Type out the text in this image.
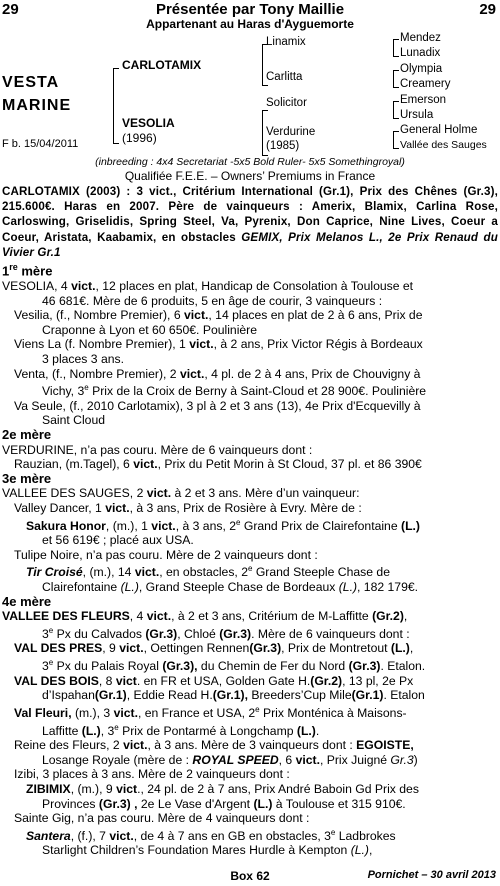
29	Présentée par Tony Maillie	29
Appartenant au Haras d'Ayguemorte
VESTA
MARINE
F b. 15/04/2011
CARLOTAMIX
VESOLIA
(1996)
Linamix
Carlitta
Solicitor
Verdurine
(1985)
Mendez
Lunadix
Olympia
Creamery
Emerson
Ursula
General Holme
Vallée des Sauges
(inbreeding : 4x4 Secretariat -5x5 Bold Ruler- 5x5 Somethingroyal)
Qualifiée F.E.E. – Owners’ Premiums in France

CARLOTAMIX (2003) : 3 vict., Critérium International (Gr.1), Prix des Chênes (Gr.3), 215.600€. Haras en 2007. Père de vainqueurs : Amerix, Blamix, Carlina Rose, Carloswing, Griselidis, Spring Steel, Va, Pyrenix, Don Caprice, Nine Lives, Coeur a Coeur, Aristata, Kaabamix, en obstacles GEMIX, Prix Melanos L., 2e Prix Renaud du Vivier Gr.1

1re mère

VESOLIA, 4 vict., 12 places en plat, Handicap de Consolation à Toulouse et

46 681€. Mère de 6 produits, 5 en âge de courir, 3 vainqueurs :

Vesilia, (f., Nombre Premier), 6 vict., 14 places en plat de 2 à 6 ans, Prix de

Craponne à Lyon et 60 650€. Poulinière

Viens La (f. Nombre Premier), 1 vict., à 2 ans, Prix Victor Régis à Bordeaux

3 places 3 ans.

Venta, (f., Nombre Premier), 2 vict., 4 pl. de 2 à 4 ans, Prix de Chouvigny à

Vichy, 3e Prix de la Croix de Berny à Saint-Cloud et 28 900€. Poulinière

Va Seule, (f., 2010 Carlotamix), 3 pl à 2 et 3 ans (13), 4e Prix d'Ecquevilly à

Saint Cloud

2e mère

VERDURINE, n’a pas couru. Mère de 6 vainqueurs dont :

Rauzian, (m.Tagel), 6 vict., Prix du Petit Morin à St Cloud, 37 pl. et 86 390€

3e mère

VALLEE DES SAUGES, 2 vict. à 2 et 3 ans. Mère d’un vainqueur:

Valley Dancer, 1 vict., à 3 ans, Prix de Rosière à Evry. Mère de :

Sakura Honor, (m.), 1 vict., à 3 ans, 2e Grand Prix de Clairefontaine (L.)

et 56 619€ ; placé aux USA.

Tulipe Noire, n’a pas couru. Mère de 2 vainqueurs dont :

Tir Croisé, (m.), 14 vict., en obstacles, 2e Grand Steeple Chase de

Clairefontaine (L.), Grand Steeple Chase de Bordeaux (L.), 182 179€.

4e mère

VALLEE DES FLEURS, 4 vict., à 2 et 3 ans, Critérium de M-Laffitte (Gr.2),

3e Px du Calvados (Gr.3), Chloé (Gr.3). Mère de 6 vainqueurs dont :

VAL DES PRES, 9 vict., Oettingen Rennen(Gr.3), Prix de Montretout (L.),

3e Px du Palais Royal (Gr.3), du Chemin de Fer du Nord (Gr.3). Etalon.

VAL DES BOIS, 8 vict. en FR et USA, Golden Gate H.(Gr.2), 13 pl, 2e Px

d’Ispahan(Gr.1), Eddie Read H.(Gr.1), Breeders’Cup Mile(Gr.1). Etalon

Val Fleuri, (m.), 3 vict., en France et USA, 2e Prix Monténica à Maisons-

Laffitte (L.), 3e Prix de Pontarmé à Longchamp (L.).

Reine des Fleurs, 2 vict., à 3 ans. Mère de 3 vainqueurs dont : EGOISTE,

Losange Royale (mère de : ROYAL SPEED, 6 vict., Prix Juigné Gr.3)

Izibi, 3 places à 3 ans. Mère de 2 vainqueurs dont :

ZIBIMIX, (m.), 9 vict., 24 pl. de 2 à 7 ans, Prix André Baboin Gd Prix des

Provinces (Gr.3) , 2e Le Vase d'Argent (L.) à Toulouse et 315 910€.

Sainte Gig, n’a pas couru. Mère de 4 vainqueurs dont :

Santera, (f.), 7 vict., de 4 à 7 ans en GB en obstacles, 3e Ladbrokes

Starlight Children’s Foundation Mares Hurdle à Kempton (L.),

Box 62	Pornichet – 30 avril 2013
